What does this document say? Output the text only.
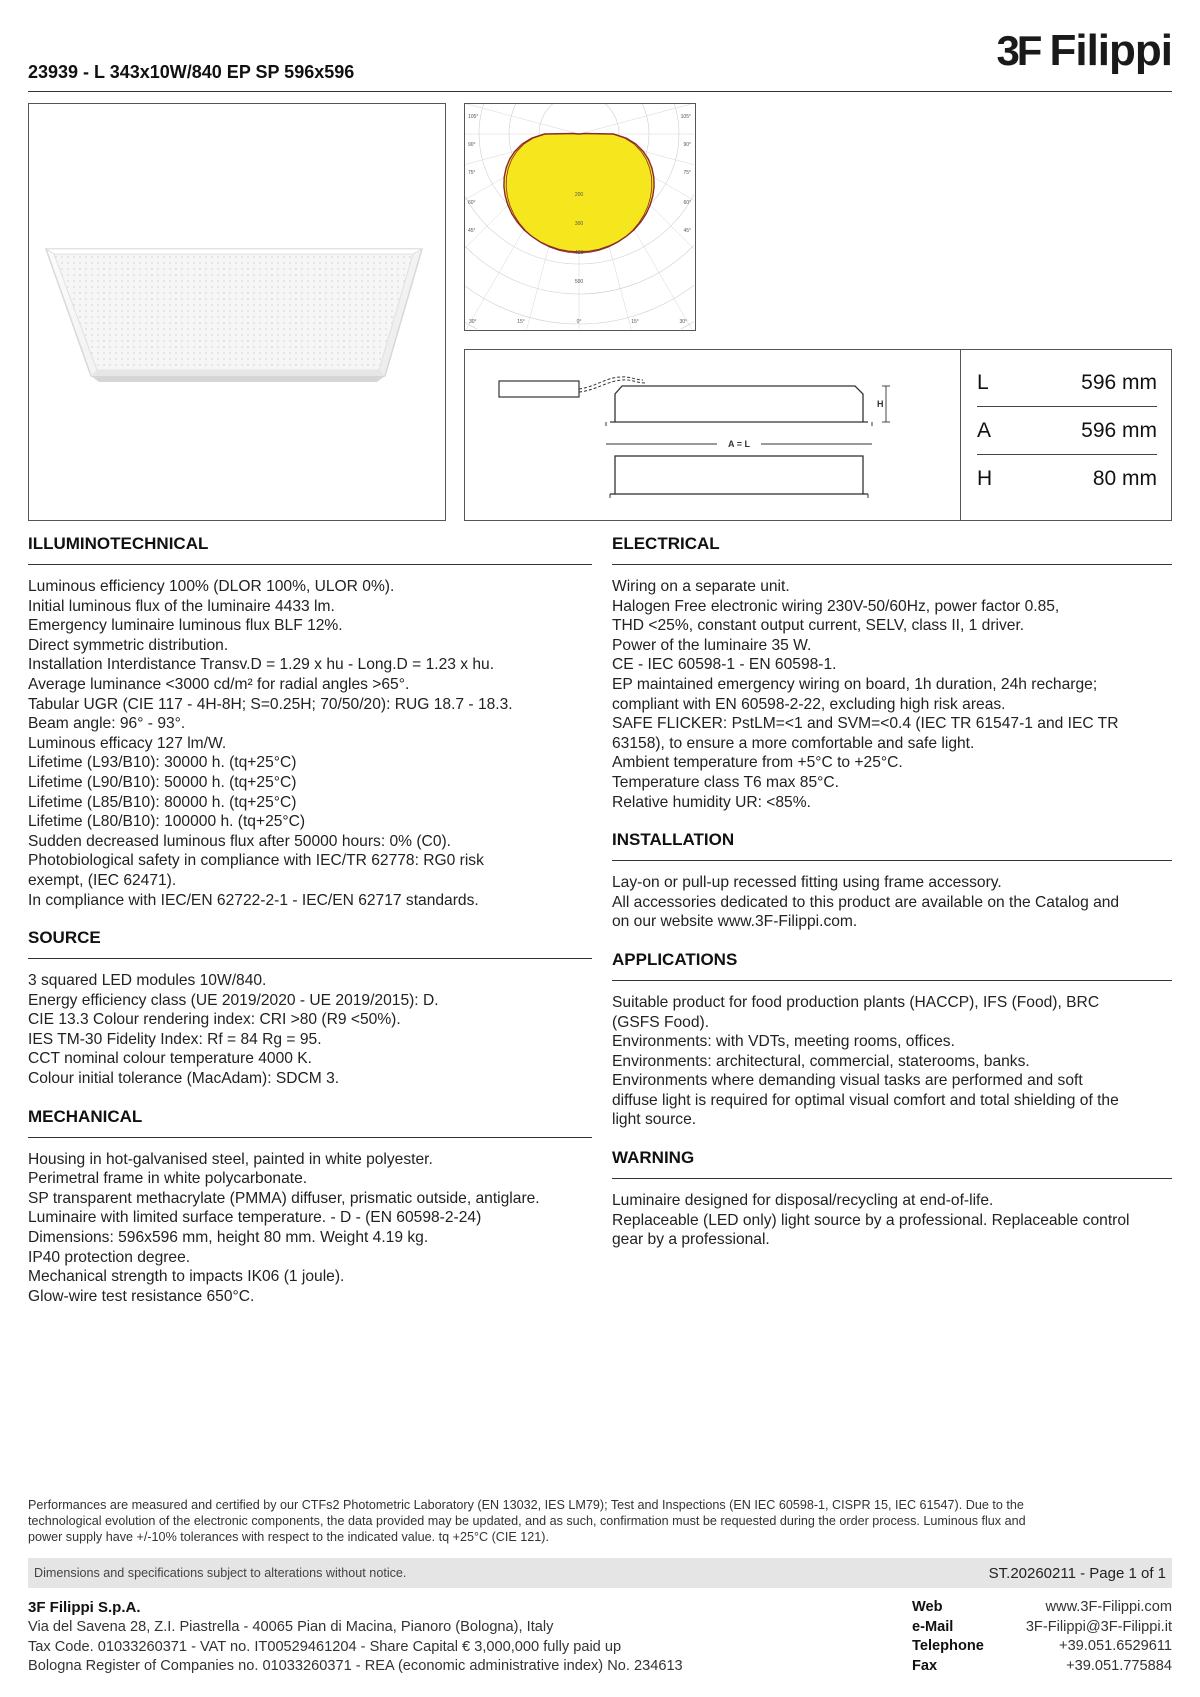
23939 - L 343x10W/840 EP SP 596x596	3F Filippi
105°	105°
90°	90°
75°	75°
60°	60°
45°	45°
30°	15°	0°	15°	30°
200
300
400
500
H
A = L
L	596 mm
A	596 mm
H	80 mm
ILLUMINOTECHNICAL
Luminous efficiency 100% (DLOR 100%, ULOR 0%).
Initial luminous flux of the luminaire 4433 lm.
Emergency luminaire luminous flux BLF 12%.
Direct symmetric distribution.
Installation Interdistance Transv.D = 1.29 x hu - Long.D = 1.23 x hu.
Average luminance <3000 cd/m² for radial angles >65°.
Tabular UGR (CIE 117 - 4H-8H; S=0.25H; 70/50/20): RUG 18.7 - 18.3.
Beam angle: 96° - 93°.
Luminous efficacy 127 lm/W.
Lifetime (L93/B10): 30000 h. (tq+25°C)
Lifetime (L90/B10): 50000 h. (tq+25°C)
Lifetime (L85/B10): 80000 h. (tq+25°C)
Lifetime (L80/B10): 100000 h. (tq+25°C)
Sudden decreased luminous flux after 50000 hours: 0% (C0).
Photobiological safety in compliance with IEC/TR 62778: RG0 risk
exempt, (IEC 62471).
In compliance with IEC/EN 62722-2-1 - IEC/EN 62717 standards.
SOURCE
3 squared LED modules 10W/840.
Energy efficiency class (UE 2019/2020 - UE 2019/2015): D.
CIE 13.3 Colour rendering index: CRI >80 (R9 <50%).
IES TM-30 Fidelity Index: Rf = 84 Rg = 95.
CCT nominal colour temperature 4000 K.
Colour initial tolerance (MacAdam): SDCM 3.
MECHANICAL
Housing in hot-galvanised steel, painted in white polyester.
Perimetral frame in white polycarbonate.
SP transparent methacrylate (PMMA) diffuser, prismatic outside, antiglare.
Luminaire with limited surface temperature. - D - (EN 60598-2-24)
Dimensions: 596x596 mm, height 80 mm. Weight 4.19 kg.
IP40 protection degree.
Mechanical strength to impacts IK06 (1 joule).
Glow-wire test resistance 650°C.
ELECTRICAL
Wiring on a separate unit.
Halogen Free electronic wiring 230V-50/60Hz, power factor 0.85,
THD <25%, constant output current, SELV, class II, 1 driver.
Power of the luminaire 35 W.
CE - IEC 60598-1 - EN 60598-1.
EP maintained emergency wiring on board, 1h duration, 24h recharge;
compliant with EN 60598-2-22, excluding high risk areas.
SAFE FLICKER: PstLM=<1 and SVM=<0.4 (IEC TR 61547-1 and IEC TR
63158), to ensure a more comfortable and safe light.
Ambient temperature from +5°C to +25°C.
Temperature class T6 max 85°C.
Relative humidity UR: <85%.
INSTALLATION
Lay-on or pull-up recessed fitting using frame accessory.
All accessories dedicated to this product are available on the Catalog and
on our website www.3F-Filippi.com.
APPLICATIONS
Suitable product for food production plants (HACCP), IFS (Food), BRC
(GSFS Food).
Environments: with VDTs, meeting rooms, offices.
Environments: architectural, commercial, staterooms, banks.
Environments where demanding visual tasks are performed and soft
diffuse light is required for optimal visual comfort and total shielding of the
light source.
WARNING
Luminaire designed for disposal/recycling at end-of-life.
Replaceable (LED only) light source by a professional. Replaceable control
gear by a professional.
Performances are measured and certified by our CTFs2 Photometric Laboratory (EN 13032, IES LM79); Test and Inspections (EN IEC 60598-1, CISPR 15, IEC 61547). Due to the
technological evolution of the electronic components, the data provided may be updated, and as such, confirmation must be requested during the order process. Luminous flux and
power supply have +/-10% tolerances with respect to the indicated value. tq +25°C (CIE 121).
Dimensions and specifications subject to alterations without notice.	ST.20260211 - Page 1 of 1
3F Filippi S.p.A.
Via del Savena 28, Z.I. Piastrella - 40065 Pian di Macina, Pianoro (Bologna), Italy
Tax Code. 01033260371 - VAT no. IT00529461204 - Share Capital € 3,000,000 fully paid up
Bologna Register of Companies no. 01033260371 - REA (economic administrative index) No. 234613
Web	www.3F-Filippi.com
e-Mail	3F-Filippi@3F-Filippi.it
Telephone	+39.051.6529611
Fax	+39.051.775884
